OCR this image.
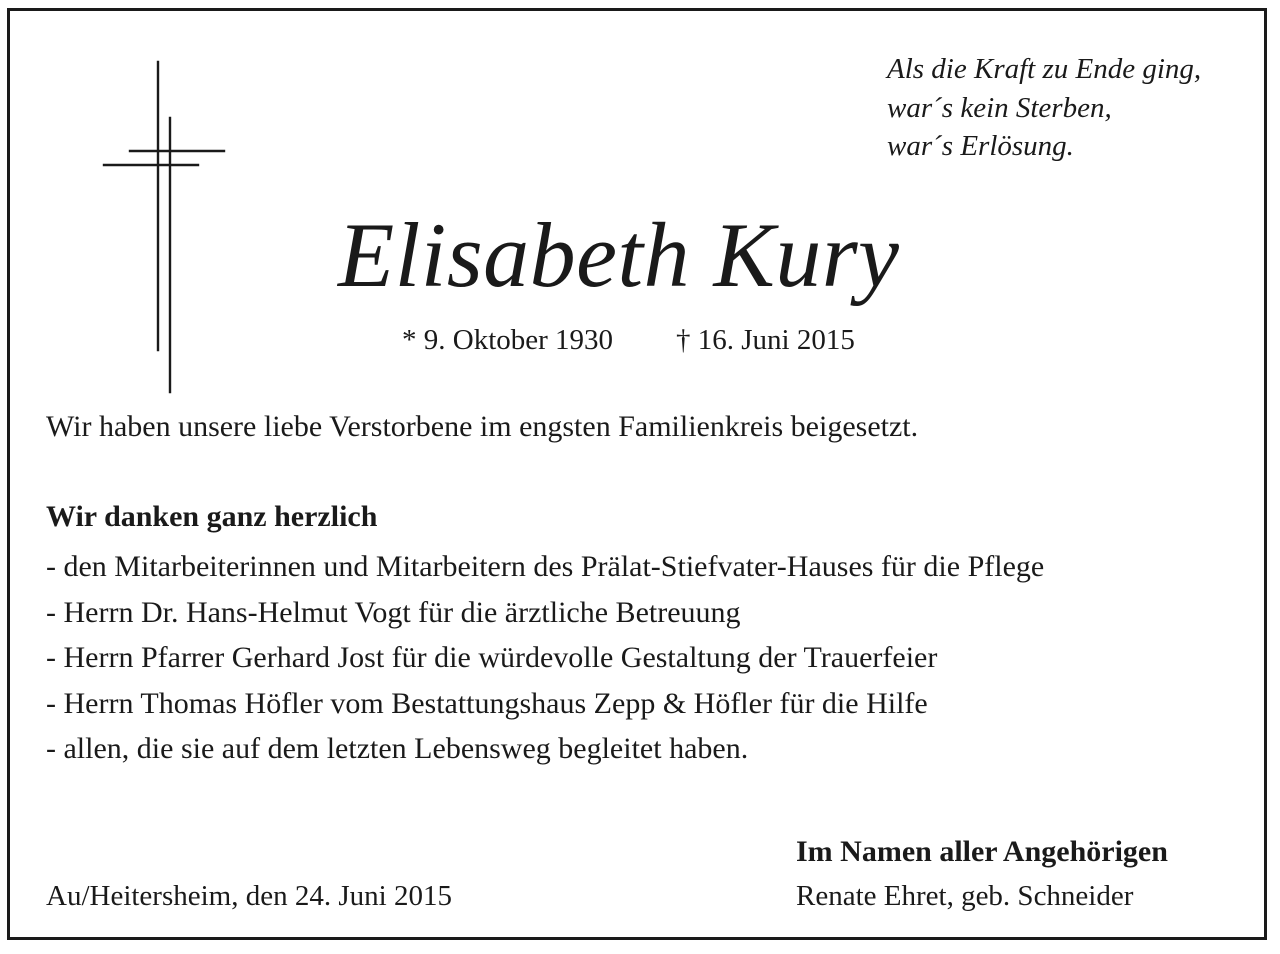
Als die Kraft zu Ende ging,
war´s kein Sterben,
war´s Erlösung.
Elisabeth Kury
* 9. Oktober 1930 † 16. Juni 2015
Wir haben unsere liebe Verstorbene im engsten Familienkreis beigesetzt.
Wir danken ganz herzlich
- den Mitarbeiterinnen und Mitarbeitern des Prälat-Stiefvater-Hauses für die Pflege
- Herrn Dr. Hans-Helmut Vogt für die ärztliche Betreuung
- Herrn Pfarrer Gerhard Jost für die würdevolle Gestaltung der Trauerfeier
- Herrn Thomas Höfler vom Bestattungshaus Zepp & Höfler für die Hilfe
- allen, die sie auf dem letzten Lebensweg begleitet haben.
Au/Heitersheim, den 24. Juni 2015
Im Namen aller Angehörigen
Renate Ehret, geb. Schneider
